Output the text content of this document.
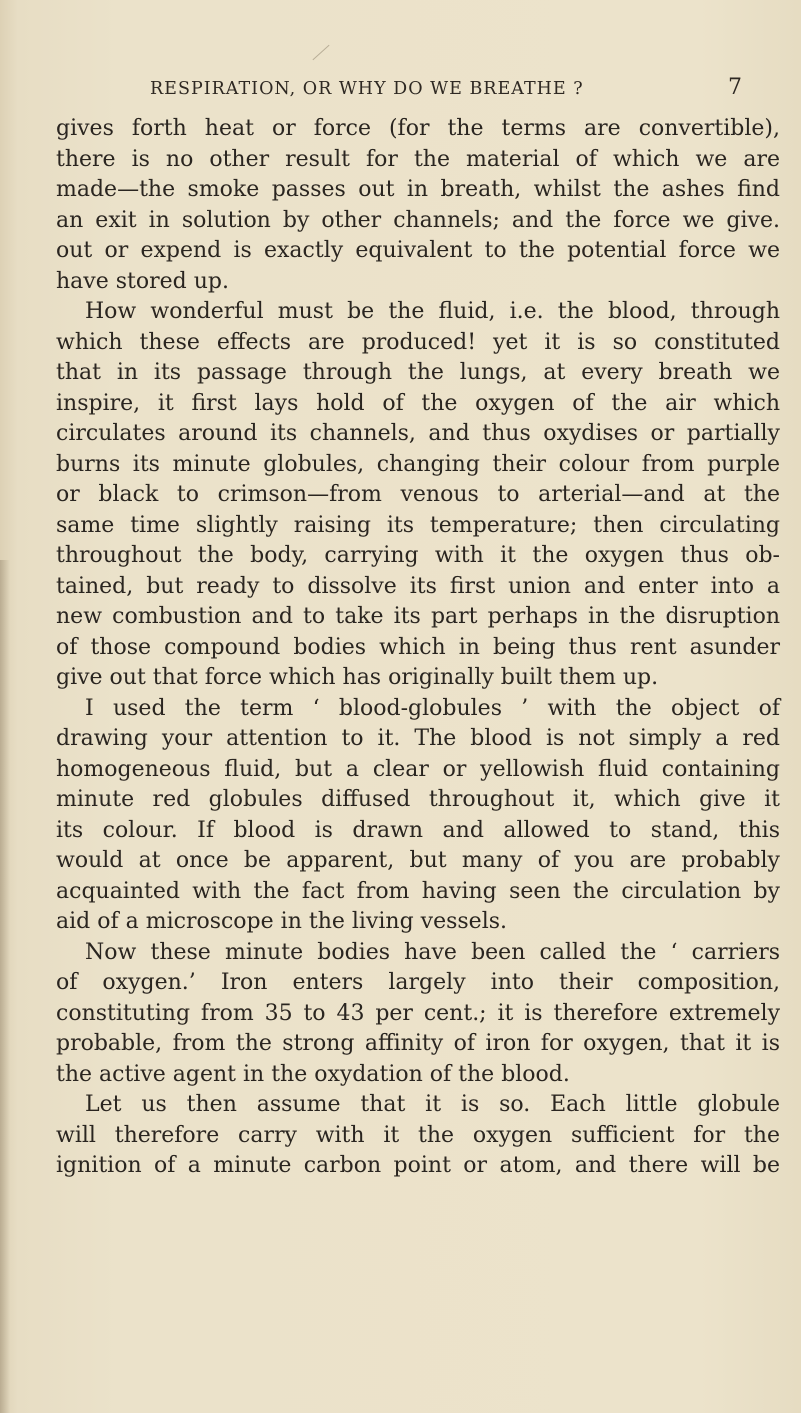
RESPIRATION, OR WHY DO WE BREATHE ?	7
gives forth heat or force (for the terms are convertible),
there is no other result for the material of which we are
made—the smoke passes out in breath, whilst the ashes find
an exit in solution by other channels; and the force we give.
out or expend is exactly equivalent to the potential force we
have stored up.
How wonderful must be the fluid, i.e. the blood, through
which these effects are produced! yet it is so constituted
that in its passage through the lungs, at every breath we
inspire, it first lays hold of the oxygen of the air which
circulates around its channels, and thus oxydises or partially
burns its minute globules, changing their colour from purple
or black to crimson—from venous to arterial—and at the
same time slightly raising its temperature; then circulating
throughout the body, carrying with it the oxygen thus ob-
tained, but ready to dissolve its first union and enter into a
new combustion and to take its part perhaps in the disruption
of those compound bodies which in being thus rent asunder
give out that force which has originally built them up.
I used the term ‘ blood-globules ’ with the object of
drawing your attention to it. The blood is not simply a red
homogeneous fluid, but a clear or yellowish fluid containing
minute red globules diffused throughout it, which give it
its colour. If blood is drawn and allowed to stand, this
would at once be apparent, but many of you are probably
acquainted with the fact from having seen the circulation by
aid of a microscope in the living vessels.
Now these minute bodies have been called the ‘ carriers
of oxygen.’ Iron enters largely into their composition,
constituting from 35 to 43 per cent.; it is therefore extremely
probable, from the strong affinity of iron for oxygen, that it is
the active agent in the oxydation of the blood.
Let us then assume that it is so. Each little globule
will therefore carry with it the oxygen sufficient for the
ignition of a minute carbon point or atom, and there will be
